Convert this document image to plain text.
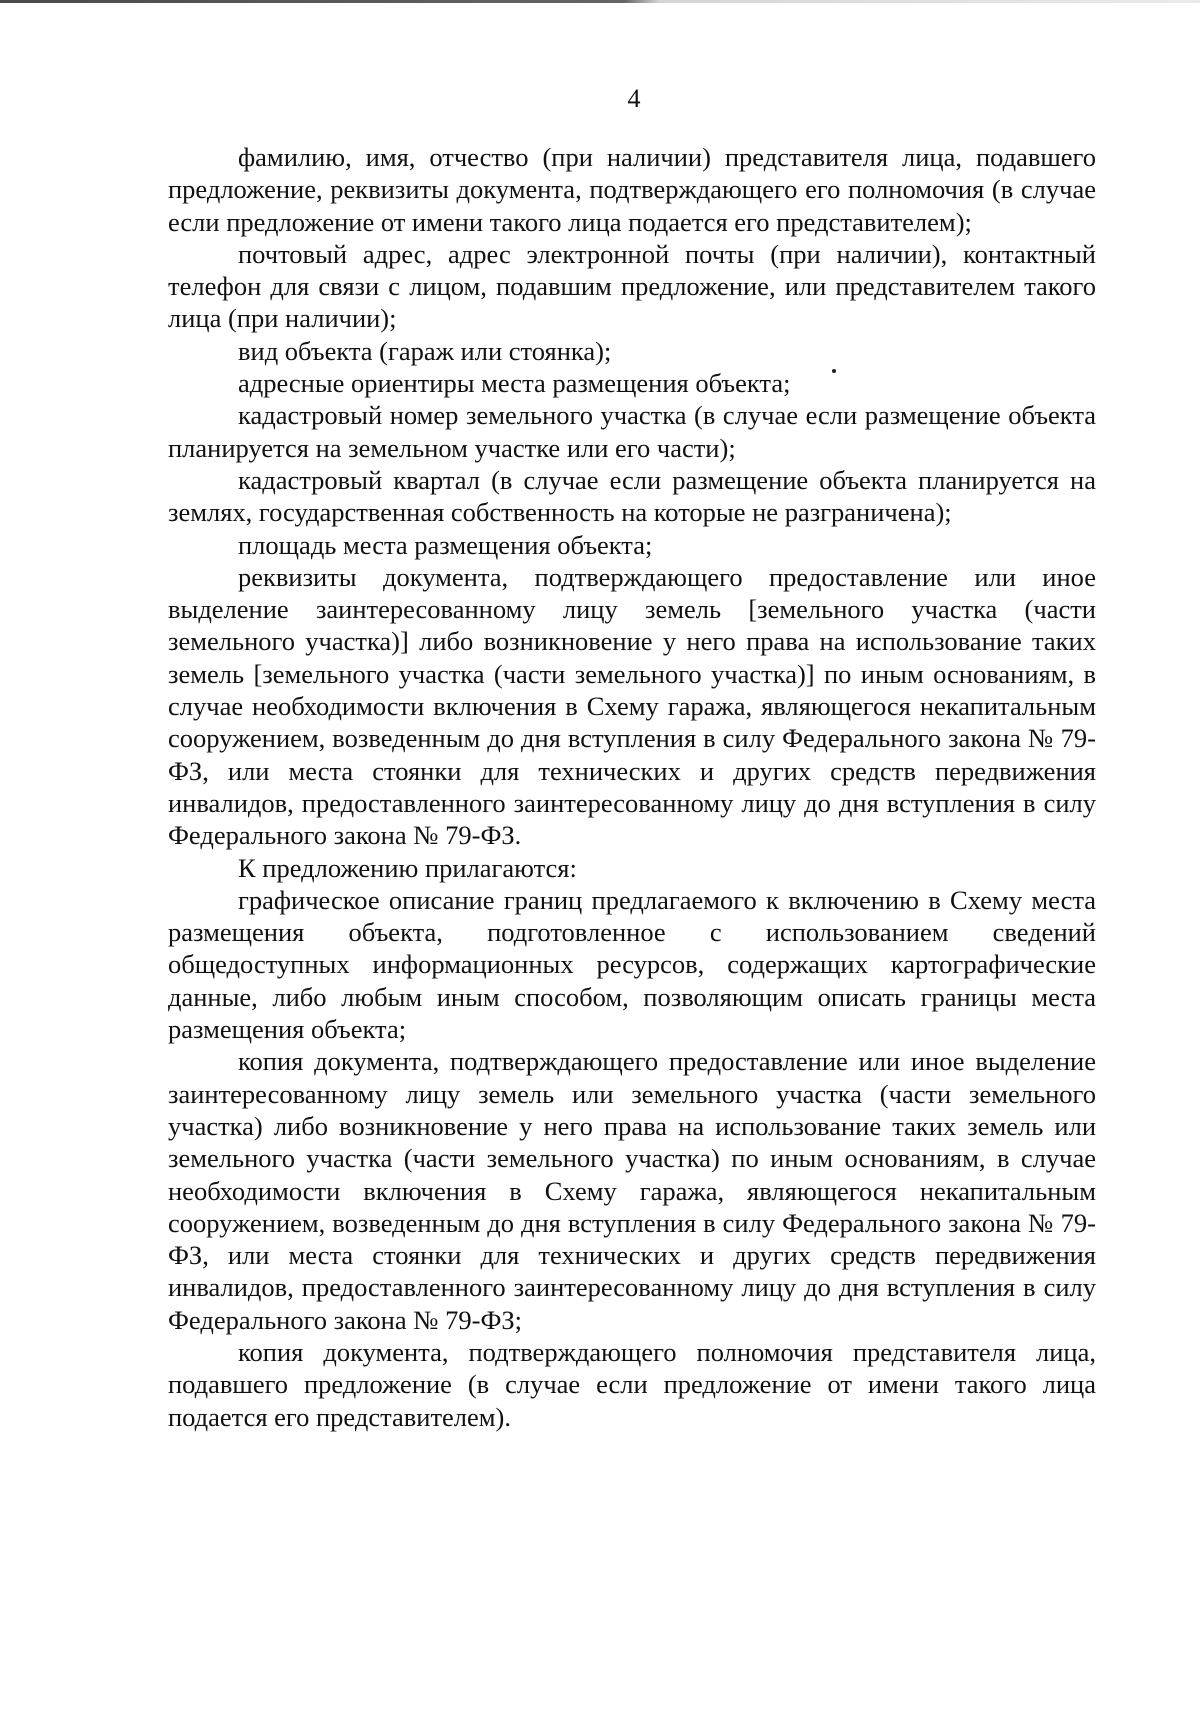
4

фамилию, имя, отчество (при наличии) представителя лица, подавшего предложение, реквизиты документа, подтверждающего его полномочия (в случае если предложение от имени такого лица подается его представителем);

почтовый адрес, адрес электронной почты (при наличии), контактный телефон для связи с лицом, подавшим предложение, или представителем такого лица (при наличии);

вид объекта (гараж или стоянка);

адресные ориентиры места размещения объекта;

кадастровый номер земельного участка (в случае если размещение объекта планируется на земельном участке или его части);

кадастровый квартал (в случае если размещение объекта планируется на землях, государственная собственность на которые не разграничена);

площадь места размещения объекта;

реквизиты документа, подтверждающего предоставление или иное выделение заинтересованному лицу земель [земельного участка (части земельного участка)] либо возникновение у него права на использование таких земель [земельного участка (части земельного участка)] по иным основаниям, в случае необходимости включения в Схему гаража, являющегося некапитальным сооружением, возведенным до дня вступления в силу Федерального закона № 79-ФЗ, или места стоянки для технических и других средств передвижения инвалидов, предоставленного заинтересованному лицу до дня вступления в силу Федерального закона № 79-ФЗ.

К предложению прилагаются:

графическое описание границ предлагаемого к включению в Схему места размещения объекта, подготовленное с использованием сведений общедоступных информационных ресурсов, содержащих картографические данные, либо любым иным способом, позволяющим описать границы места размещения объекта;

копия документа, подтверждающего предоставление или иное выделение заинтересованному лицу земель или земельного участка (части земельного участка) либо возникновение у него права на использование таких земель или земельного участка (части земельного участка) по иным основаниям, в случае необходимости включения в Схему гаража, являющегося некапитальным сооружением, возведенным до дня вступления в силу Федерального закона № 79-ФЗ, или места стоянки для технических и других средств передвижения инвалидов, предоставленного заинтересованному лицу до дня вступления в силу Федерального закона № 79-ФЗ;

копия документа, подтверждающего полномочия представителя лица, подавшего предложение (в случае если предложение от имени такого лица подается его представителем).
